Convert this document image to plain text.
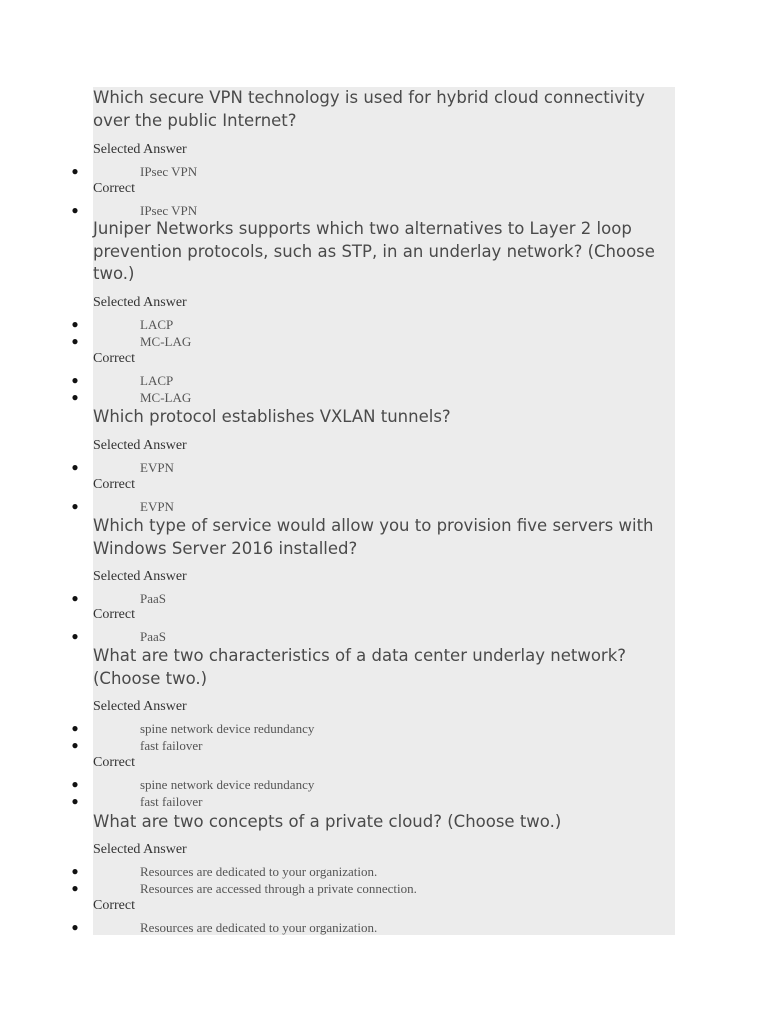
Which secure VPN technology is used for hybrid cloud connectivity over the public Internet?
Selected Answer
●	IPsec VPN
Correct
●	IPsec VPN
Juniper Networks supports which two alternatives to Layer 2 loop prevention protocols, such as STP, in an underlay network? (Choose two.)
Selected Answer
●	LACP
●	MC-LAG
Correct
●	LACP
●	MC-LAG
Which protocol establishes VXLAN tunnels?
Selected Answer
●	EVPN
Correct
●	EVPN
Which type of service would allow you to provision five servers with Windows Server 2016 installed?
Selected Answer
●	PaaS
Correct
●	PaaS
What are two characteristics of a data center underlay network? (Choose two.)
Selected Answer
●	spine network device redundancy
●	fast failover
Correct
●	spine network device redundancy
●	fast failover
What are two concepts of a private cloud? (Choose two.)
Selected Answer
●	Resources are dedicated to your organization.
●	Resources are accessed through a private connection.
Correct
●	Resources are dedicated to your organization.
